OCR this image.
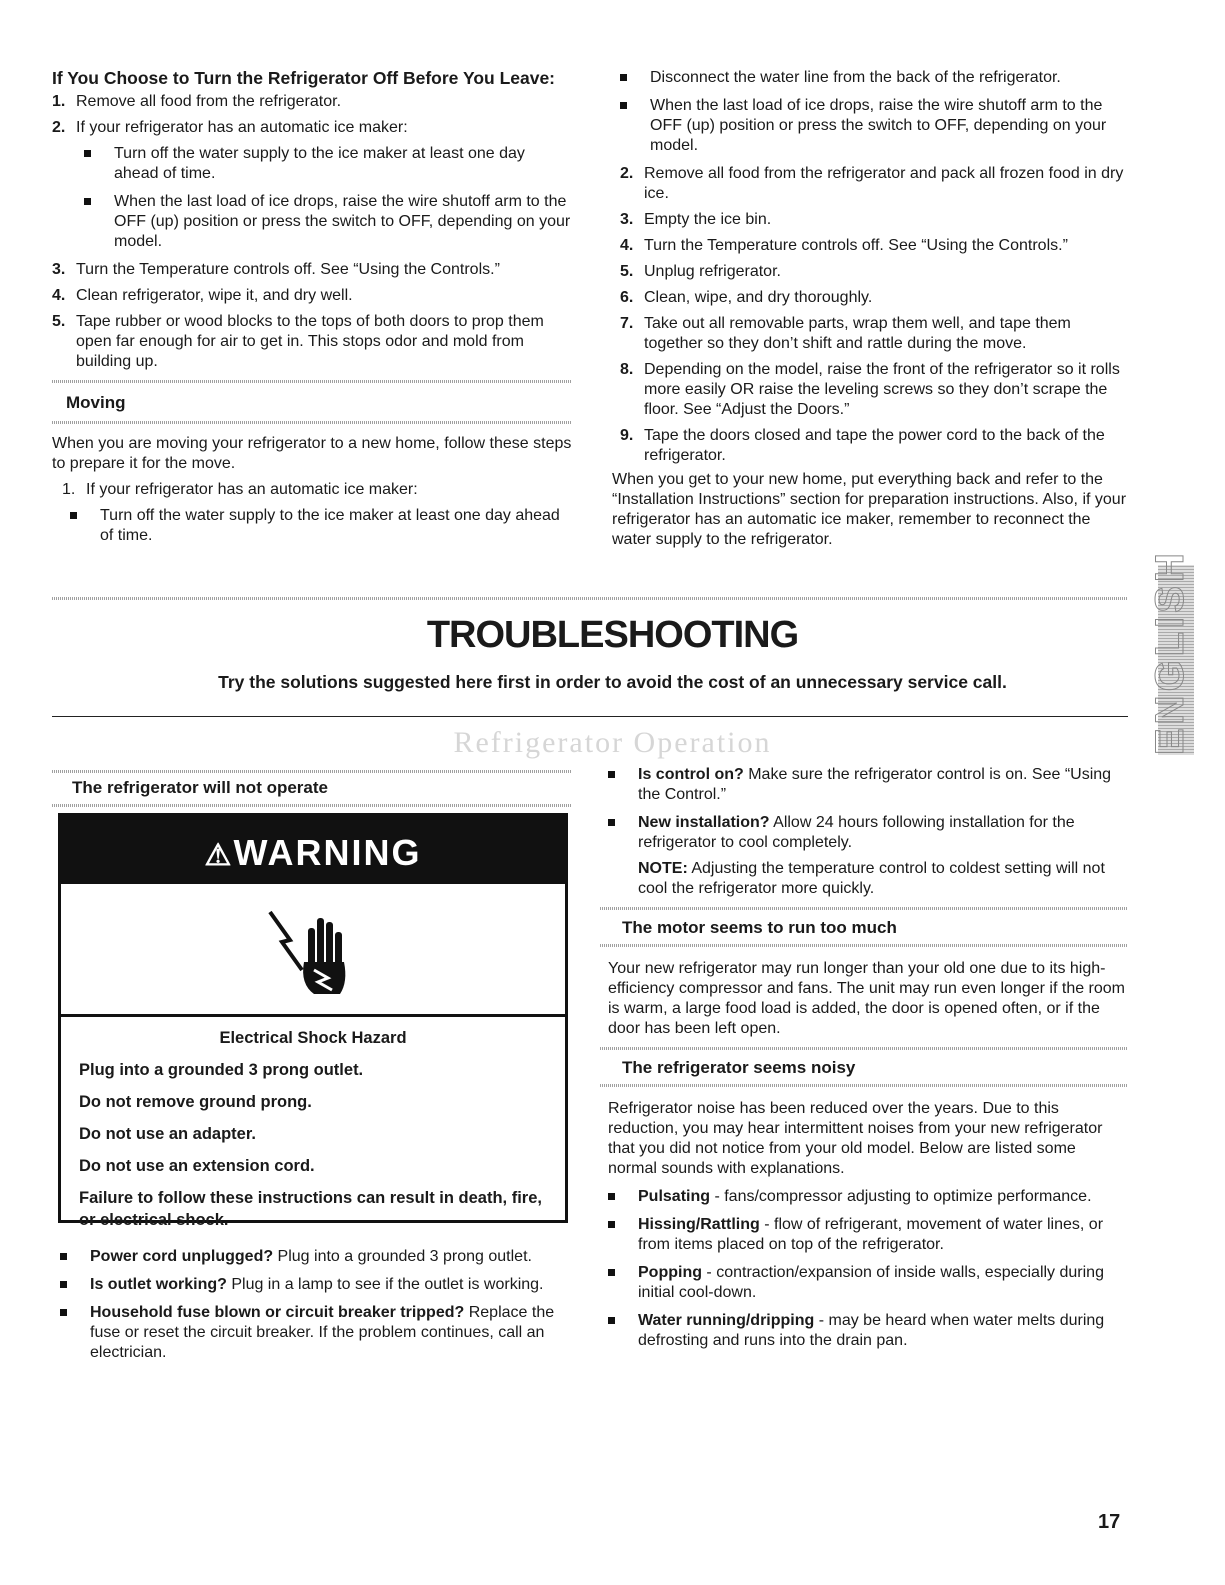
If You Choose to Turn the Refrigerator Off Before You Leave:
1. Remove all food from the refrigerator.
2. If your refrigerator has an automatic ice maker:
Turn off the water supply to the ice maker at least one day ahead of time.
When the last load of ice drops, raise the wire shutoff arm to the OFF (up) position or press the switch to OFF, depending on your model.
3. Turn the Temperature controls off. See “Using the Controls.”
4. Clean refrigerator, wipe it, and dry well.
5. Tape rubber or wood blocks to the tops of both doors to prop them open far enough for air to get in. This stops odor and mold from building up.
Moving

When you are moving your refrigerator to a new home, follow these steps to prepare it for the move.

1. If your refrigerator has an automatic ice maker:
Turn off the water supply to the ice maker at least one day ahead of time.
Disconnect the water line from the back of the refrigerator.
When the last load of ice drops, raise the wire shutoff arm to the OFF (up) position or press the switch to OFF, depending on your model.
2. Remove all food from the refrigerator and pack all frozen food in dry ice.
3. Empty the ice bin.
4. Turn the Temperature controls off. See “Using the Controls.”
5. Unplug refrigerator.
6. Clean, wipe, and dry thoroughly.
7. Take out all removable parts, wrap them well, and tape them together so they don’t shift and rattle during the move.
8. Depending on the model, raise the front of the refrigerator so it rolls more easily OR raise the leveling screws so they don’t scrape the floor. See “Adjust the Doors.”
9. Tape the doors closed and tape the power cord to the back of the refrigerator.

When you get to your new home, put everything back and refer to the “Installation Instructions” section for preparation instructions. Also, if your refrigerator has an automatic ice maker, remember to reconnect the water supply to the refrigerator.

TROUBLESHOOTING
Try the solutions suggested here first in order to avoid the cost of an unnecessary service call.
Refrigerator Operation	ENGLISH
The refrigerator will not operate
⚠WARNING
Electrical Shock Hazard
Plug into a grounded 3 prong outlet.
Do not remove ground prong.
Do not use an adapter.
Do not use an extension cord.
Failure to follow these instructions can result in death, fire, or electrical shock.
Power cord unplugged? Plug into a grounded 3 prong outlet.
Is outlet working? Plug in a lamp to see if the outlet is working.
Household fuse blown or circuit breaker tripped? Replace the fuse or reset the circuit breaker. If the problem continues, call an electrician.
Is control on? Make sure the refrigerator control is on. See “Using the Control.”
New installation? Allow 24 hours following installation for the refrigerator to cool completely.

NOTE: Adjusting the temperature control to coldest setting will not cool the refrigerator more quickly.

The motor seems to run too much

Your new refrigerator may run longer than your old one due to its high-efficiency compressor and fans. The unit may run even longer if the room is warm, a large food load is added, the door is opened often, or if the door has been left open.

The refrigerator seems noisy

Refrigerator noise has been reduced over the years. Due to this reduction, you may hear intermittent noises from your new refrigerator that you did not notice from your old model. Below are listed some normal sounds with explanations.

Pulsating - fans/compressor adjusting to optimize performance.
Hissing/Rattling - flow of refrigerant, movement of water lines, or from items placed on top of the refrigerator.
Popping - contraction/expansion of inside walls, especially during initial cool-down.
Water running/dripping - may be heard when water melts during defrosting and runs into the drain pan.
17
